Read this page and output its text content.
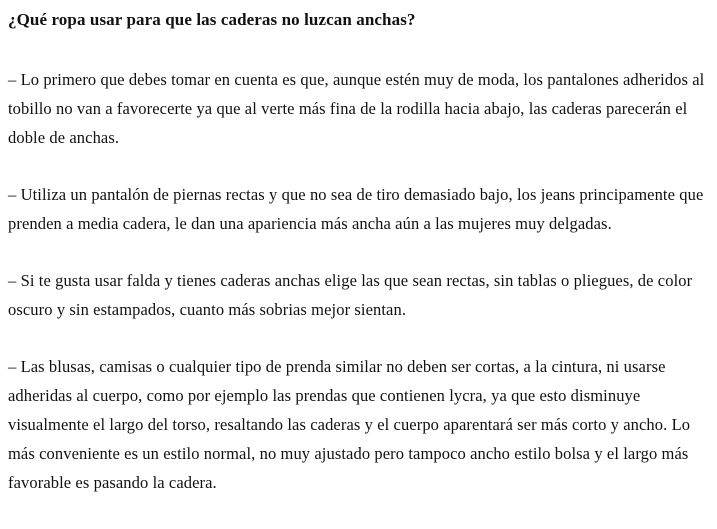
¿Qué ropa usar para que las caderas no luzcan anchas?

– Lo primero que debes tomar en cuenta es que, aunque estén muy de moda, los pantalones adheridos al tobillo no van a favorecerte ya que al verte más fina de la rodilla hacia abajo, las caderas parecerán el doble de anchas.

– Utiliza un pantalón de piernas rectas y que no sea de tiro demasiado bajo, los jeans principamente que prenden a media cadera, le dan una apariencia más ancha aún a las mujeres muy delgadas.

– Si te gusta usar falda y tienes caderas anchas elige las que sean rectas, sin tablas o pliegues, de color oscuro y sin estampados, cuanto más sobrias mejor sientan.

– Las blusas, camisas o cualquier tipo de prenda similar no deben ser cortas, a la cintura, ni usarse adheridas al cuerpo, como por ejemplo las prendas que contienen lycra, ya que esto disminuye visualmente el largo del torso, resaltando las caderas y el cuerpo aparentará ser más corto y ancho. Lo más conveniente es un estilo normal, no muy ajustado pero tampoco ancho estilo bolsa y el largo más favorable es pasando la cadera.
